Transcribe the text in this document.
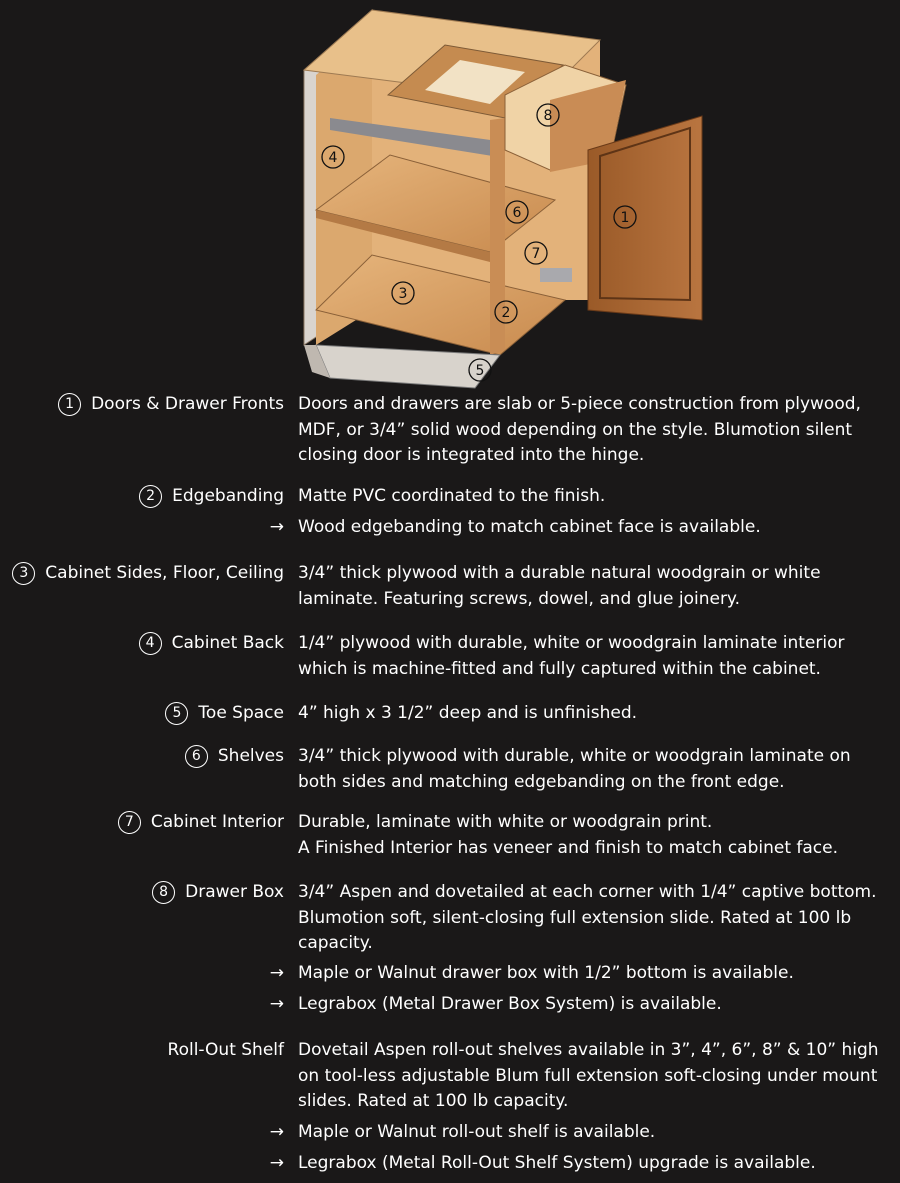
1
2
3
4
5
6
7
8
1 Doors & Drawer Fronts Doors and drawers are slab or 5-piece construction from plywood,

MDF, or 3/4” solid wood depending on the style. Blumotion silent

closing door is integrated into the hinge.

2 Edgebanding Matte PVC coordinated to the finish.

→ Wood edgebanding to match cabinet face is available.

3 Cabinet Sides, Floor, Ceiling 3/4” thick plywood with a durable natural woodgrain or white

laminate. Featuring screws, dowel, and glue joinery.

4 Cabinet Back 1/4” plywood with durable, white or woodgrain laminate interior

which is machine-fitted and fully captured within the cabinet.

5 Toe Space 4” high x 3 1/2” deep and is unfinished.

6 Shelves 3/4” thick plywood with durable, white or woodgrain laminate on

both sides and matching edgebanding on the front edge.

7 Cabinet Interior Durable, laminate with white or woodgrain print.

A Finished Interior has veneer and finish to match cabinet face.

8 Drawer Box 3/4” Aspen and dovetailed at each corner with 1/4” captive bottom.

Blumotion soft, silent-closing full extension slide. Rated at 100 lb

capacity.

→ Maple or Walnut drawer box with 1/2” bottom is available.

→ Legrabox (Metal Drawer Box System) is available.

Roll-Out Shelf Dovetail Aspen roll-out shelves available in 3”, 4”, 6”, 8” & 10” high

on tool-less adjustable Blum full extension soft-closing under mount

slides. Rated at 100 lb capacity.

→ Maple or Walnut roll-out shelf is available.

→ Legrabox (Metal Roll-Out Shelf System) upgrade is available.
